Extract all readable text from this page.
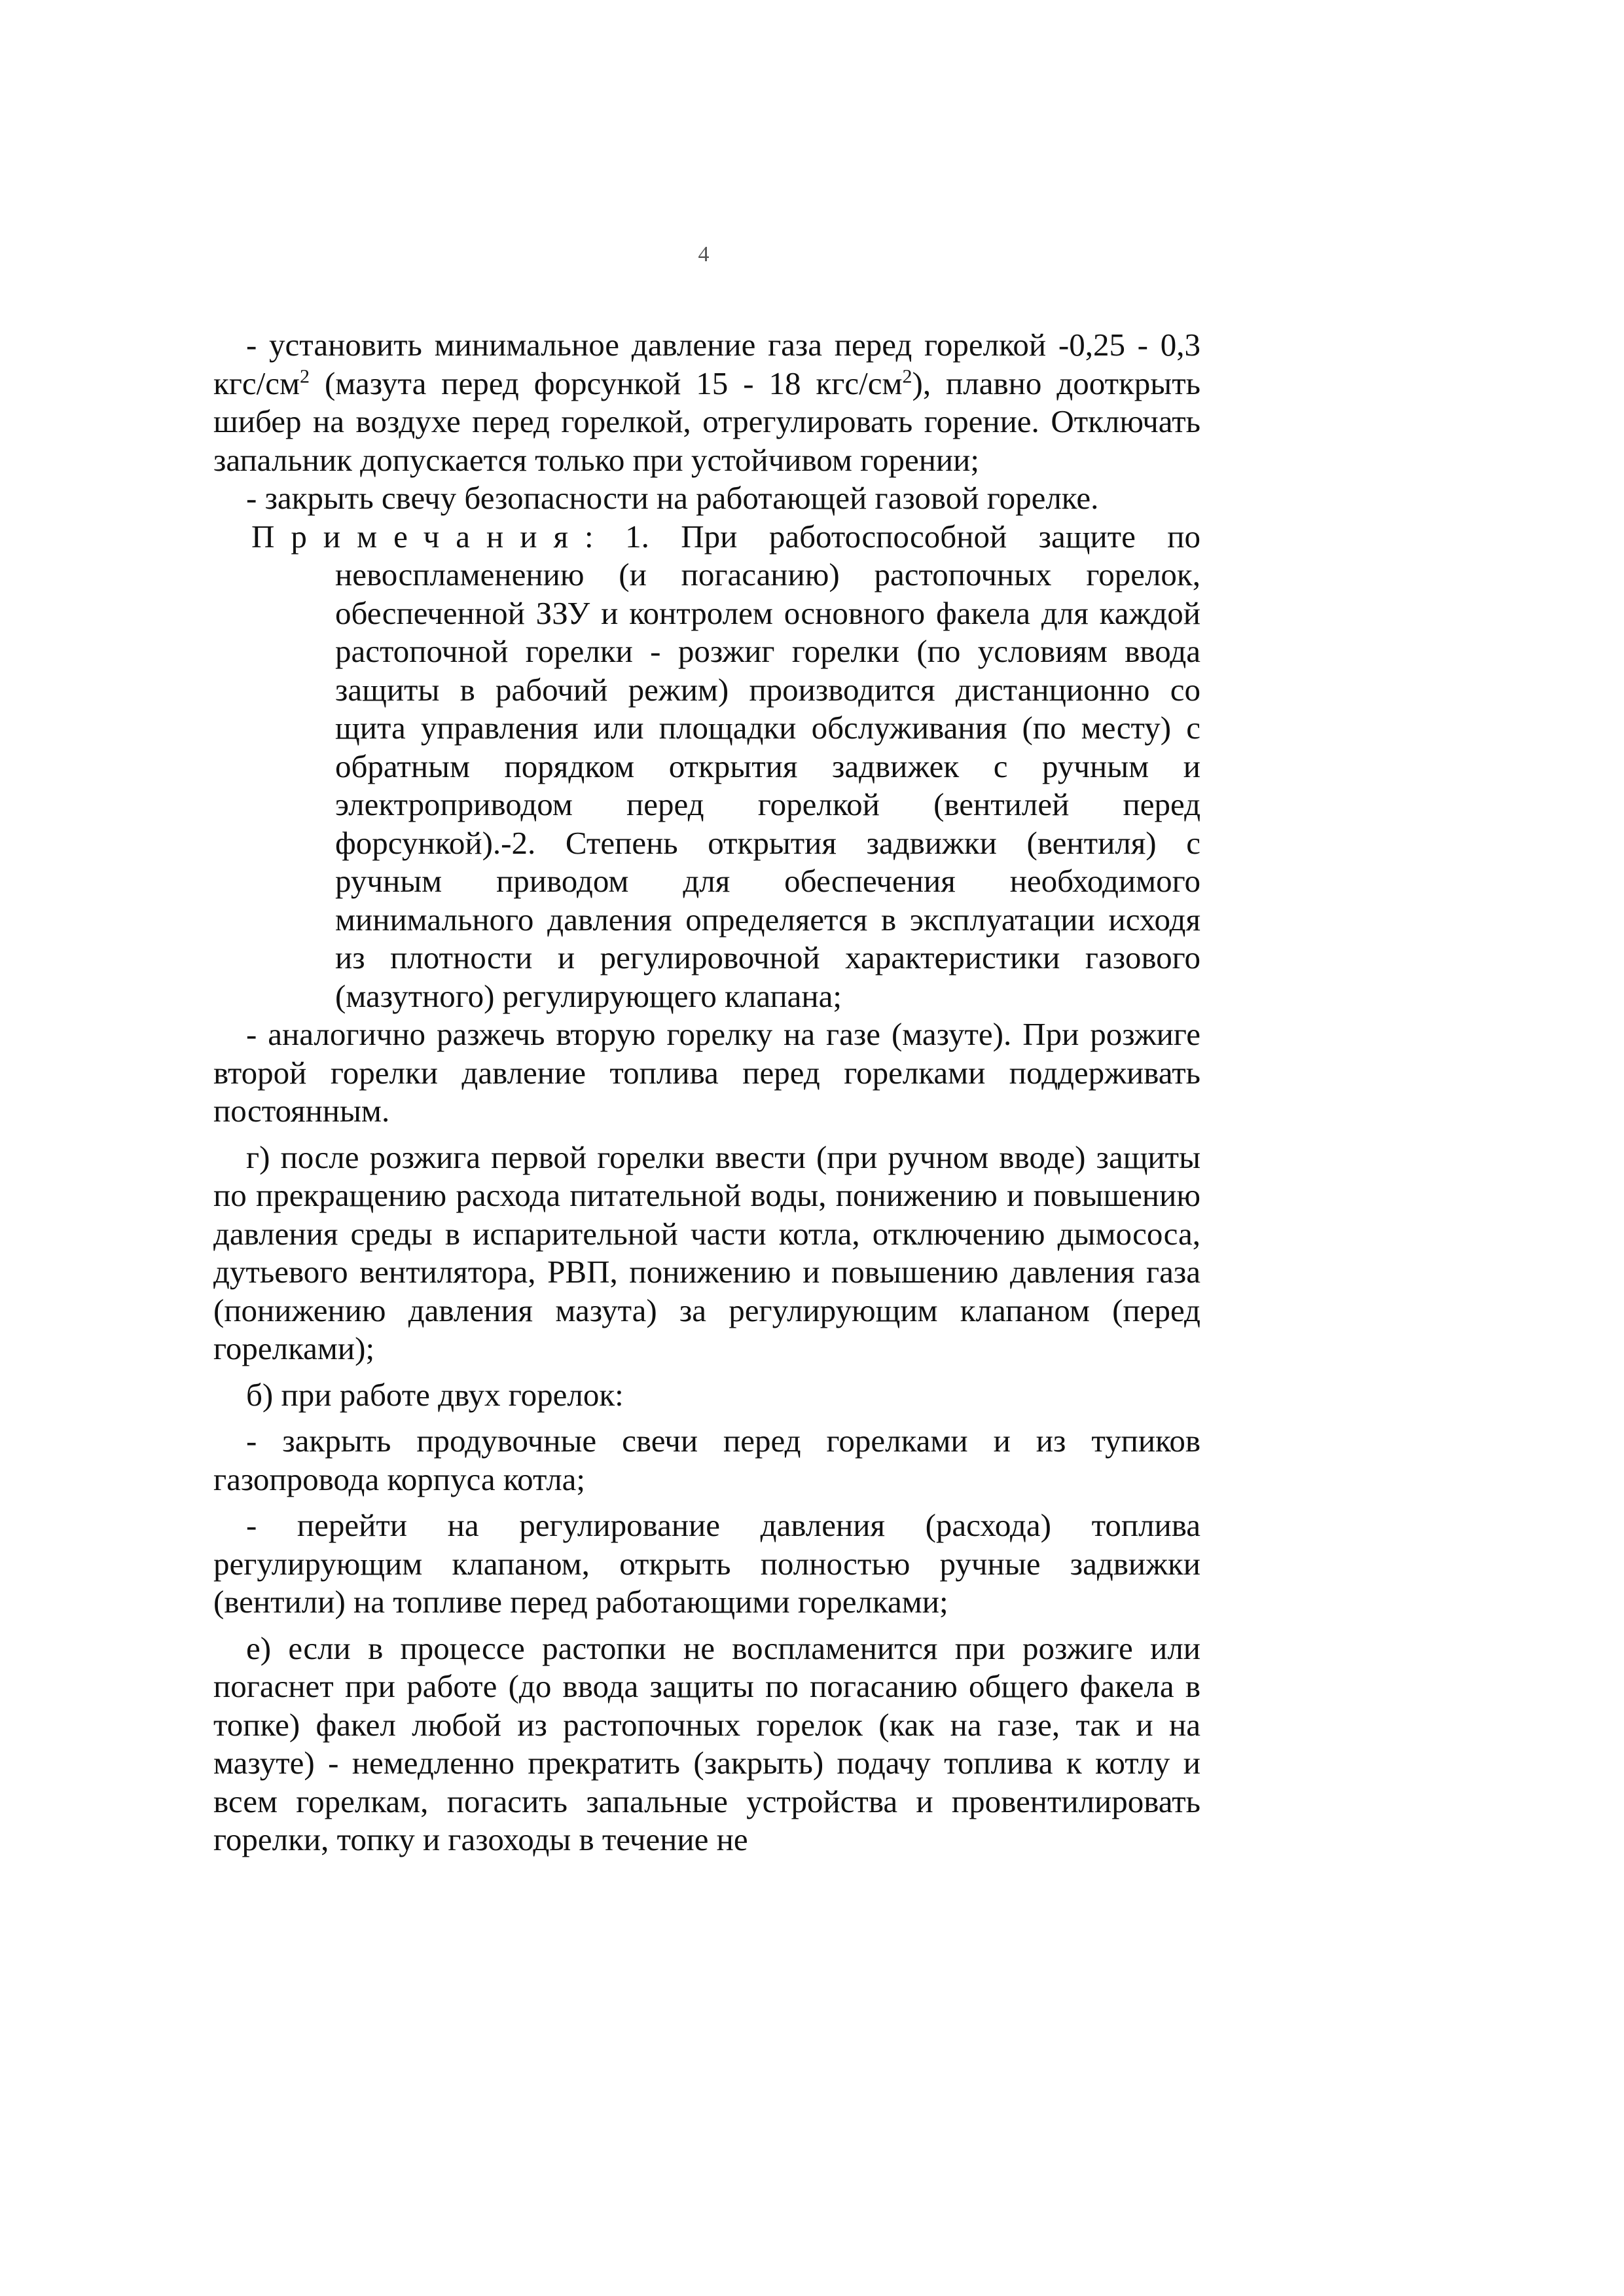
4

- установить минимальное давление газа перед горелкой -0,25 - 0,3 кгс/$см^2$ (мазута перед форсункой 15 - 18 кгс/$см^2$), плавно дооткрыть шибер на воздухе перед горелкой, отрегулировать горение. Отключать запальник допускается только при устойчивом горении;

- закрыть свечу безопасности на работающей газовой горелке.

Примечания: 1. При работоспособной защите по невоспламенению (и погасанию) растопочных горелок, обеспеченной ЗЗУ и контролем основного факела для каждой растопочной горелки - розжиг горелки (по условиям ввода защиты в рабочий режим) производится дистанционно со щита управления или площадки обслуживания (по месту) с обратным порядком открытия задвижек с ручным и электроприводом перед горелкой (вентилей перед форсункой).-2. Степень открытия задвижки (вентиля) с ручным приводом для обеспечения необходимого минимального давления определяется в эксплуатации исходя из плотности и регулировочной характеристики газового (мазутного) регулирующего клапана;

- аналогично разжечь вторую горелку на газе (мазуте). При розжиге второй горелки давление топлива перед горелками поддерживать постоянным.

г) после розжига первой горелки ввести (при ручном вводе) защиты по прекращению расхода питательной воды, понижению и повышению давления среды в испарительной части котла, отключению дымососа, дутьевого вентилятора, РВП, понижению и повышению давления газа (понижению давления мазута) за регулирующим клапаном (перед горелками);

б) при работе двух горелок:

- закрыть продувочные свечи перед горелками и из тупиков газопровода корпуса котла;

- перейти на регулирование давления (расхода) топлива регулирующим клапаном, открыть полностью ручные задвижки (вентили) на топливе перед работающими горелками;

е) если в процессе растопки не воспламенится при розжиге или погаснет при работе (до ввода защиты по погасанию общего факела в топке) факел любой из растопочных горелок (как на газе, так и на мазуте) - немедленно прекратить (закрыть) подачу топлива к котлу и всем горелкам, погасить запальные устройства и провентилировать горелки, топку и газоходы в течение не
